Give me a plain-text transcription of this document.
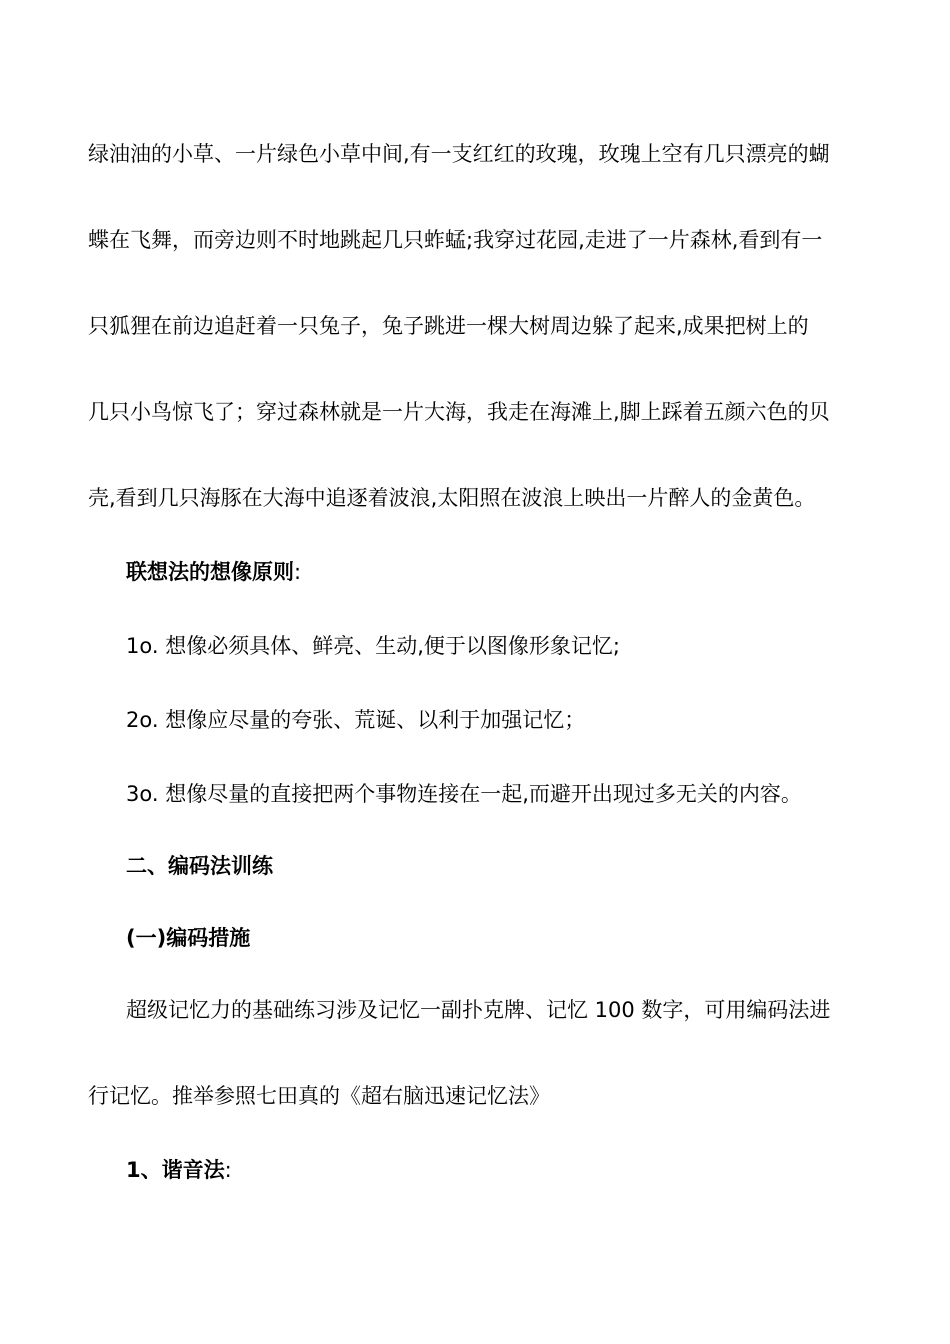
绿油油的小草、一片绿色小草中间,有一支红红的玫瑰，玫瑰上空有几只漂亮的蝴
蝶在飞舞，而旁边则不时地跳起几只蚱蜢;我穿过花园,走进了一片森林,看到有一
只狐狸在前边追赶着一只兔子，兔子跳进一棵大树周边躲了起来,成果把树上的
几只小鸟惊飞了；穿过森林就是一片大海，我走在海滩上,脚上踩着五颜六色的贝
壳,看到几只海豚在大海中追逐着波浪,太阳照在波浪上映出一片醉人的金黄色。
联想法的想像原则:
1o. 想像必须具体、鲜亮、生动,便于以图像形象记忆;
2o. 想像应尽量的夸张、荒诞、以利于加强记忆；
3o. 想像尽量的直接把两个事物连接在一起,而避开出现过多无关的内容。
二、编码法训练
(一)编码措施
超级记忆力的基础练习涉及记忆一副扑克牌、记忆 100 数字，可用编码法进
行记忆。推举参照七田真的《超右脑迅速记忆法》
1、谐音法:
